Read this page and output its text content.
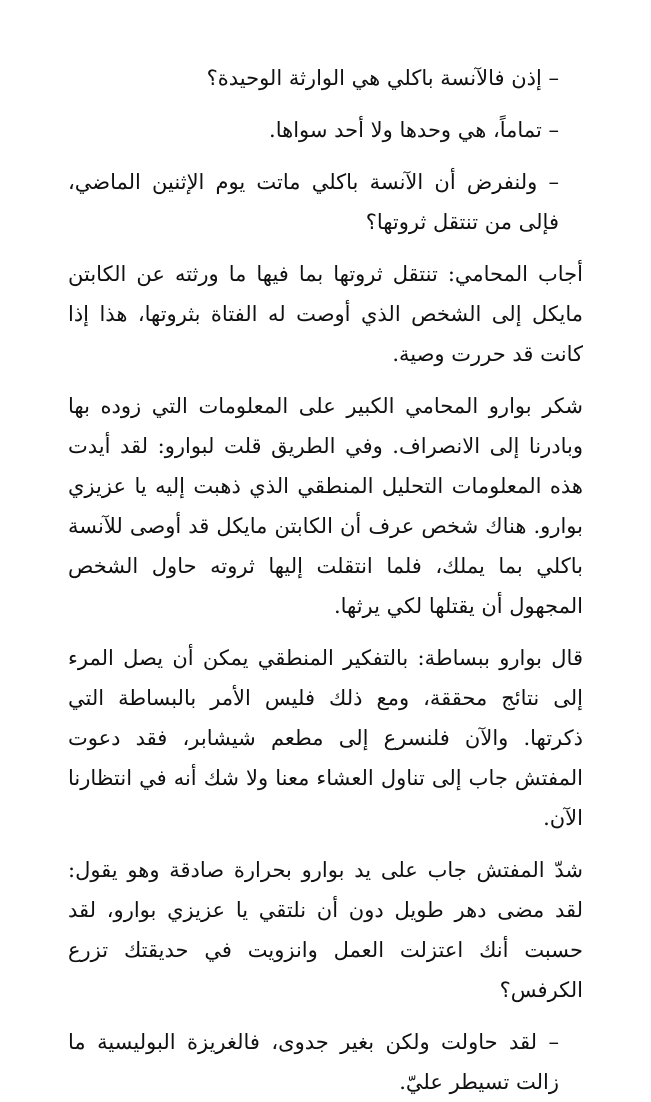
– إذن فالآنسة باكلي هي الوارثة الوحيدة؟

– تماماً، هي وحدها ولا أحد سواها.

– ولنفرض أن الآنسة باكلي ماتت يوم الإثنين الماضي، فإلى من تنتقل ثروتها؟

أجاب المحامي: تنتقل ثروتها بما فيها ما ورثته عن الكابتن مايكل إلى الشخص الذي أوصت له الفتاة بثروتها، هذا إذا كانت قد حررت وصية.

شكر بوارو المحامي الكبير على المعلومات التي زوده بها وبادرنا إلى الانصراف. وفي الطريق قلت لبوارو: لقد أيدت هذه المعلومات التحليل المنطقي الذي ذهبت إليه يا عزيزي بوارو. هناك شخص عرف أن الكابتن مايكل قد أوصى للآنسة باكلي بما يملك، فلما انتقلت إليها ثروته حاول الشخص المجهول أن يقتلها لكي يرثها.

قال بوارو ببساطة: بالتفكير المنطقي يمكن أن يصل المرء إلى نتائج محققة، ومع ذلك فليس الأمر بالبساطة التي ذكرتها. والآن فلنسرع إلى مطعم شيشابر، فقد دعوت المفتش جاب إلى تناول العشاء معنا ولا شك أنه في انتظارنا الآن.

شدّ المفتش جاب على يد بوارو بحرارة صادقة وهو يقول: لقد مضى دهر طويل دون أن نلتقي يا عزيزي بوارو، لقد حسبت أنك اعتزلت العمل وانزويت في حديقتك تزرع الكرفس؟

– لقد حاولت ولكن بغير جدوى، فالغريزة البوليسية ما زالت تسيطر عليّ.
